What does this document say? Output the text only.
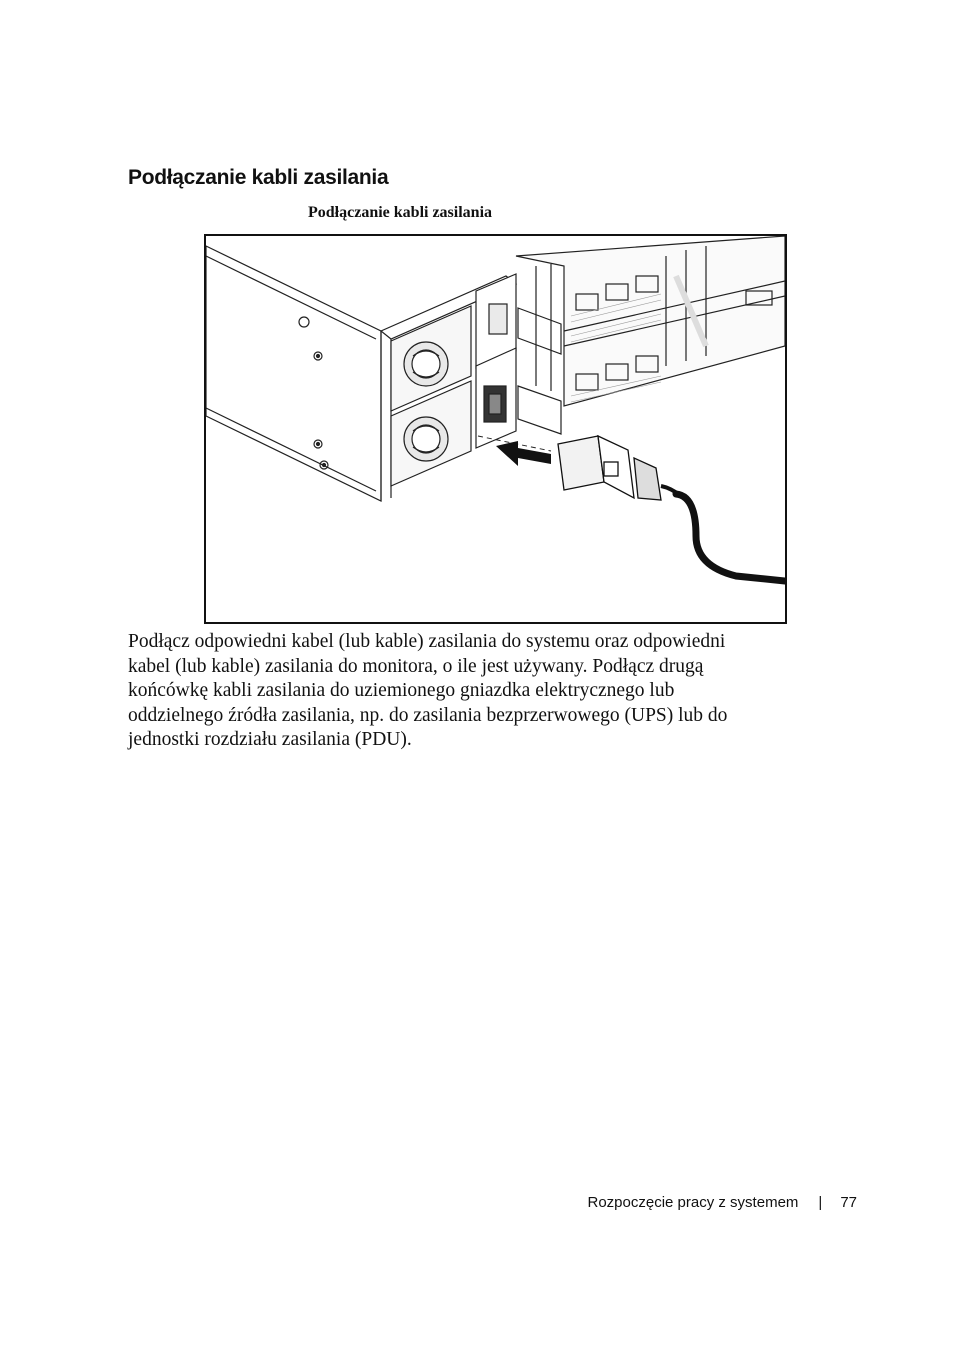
Podłączanie kabli zasilania
Podłączanie kabli zasilania
Podłącz odpowiedni kabel (lub kable) zasilania do systemu oraz odpowiedni
kabel (lub kable) zasilania do monitora, o ile jest używany. Podłącz drugą
końcówkę kabli zasilania do uziemionego gniazdka elektrycznego lub
oddzielnego źródła zasilania, np. do zasilania bezprzerwowego (UPS) lub do
jednostki rozdziału zasilania (PDU).
Rozpoczęcie pracy z systemem | 77
